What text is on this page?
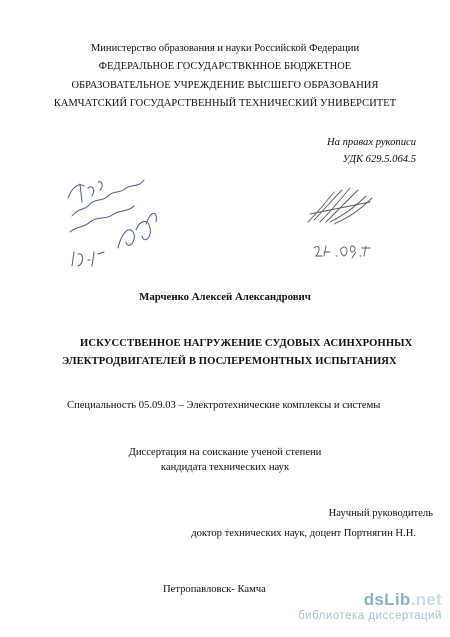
Министерство образования и науки Российской Федерации
ФЕДЕРАЛЬНОЕ ГОСУДАРСТВКННОЕ БЮДЖЕТНОЕ
ОБРАЗОВАТЕЛЬНОЕ УЧРЕЖДЕНИЕ ВЫСШЕГО ОБРАЗОВАНИЯ
КАМЧАТСКИЙ ГОСУДАРСТВЕННЫЙ ТЕХНИЧЕСКИЙ УНИВЕРСИТЕТ
На правах рукописи
УДК 629.5.064.5
Марченко Алексей Александрович
ИСКУССТВЕННОЕ НАГРУЖЕНИЕ СУДОВЫХ АСИНХРОННЫХ
ЭЛЕКТРОДВИГАТЕЛЕЙ В ПОСЛЕРЕМОНТНЫХ ИСПЫТАНИЯХ
Специальность 05.09.03 – Электротехнические комплексы и системы
Диссертация на соискание ученой степени
кандидата технических наук
Научный руководитель
доктор технических наук, доцент Портнягин Н.Н.
Петропавловск- Камча
dsLib.net
библиотека диссертаций
